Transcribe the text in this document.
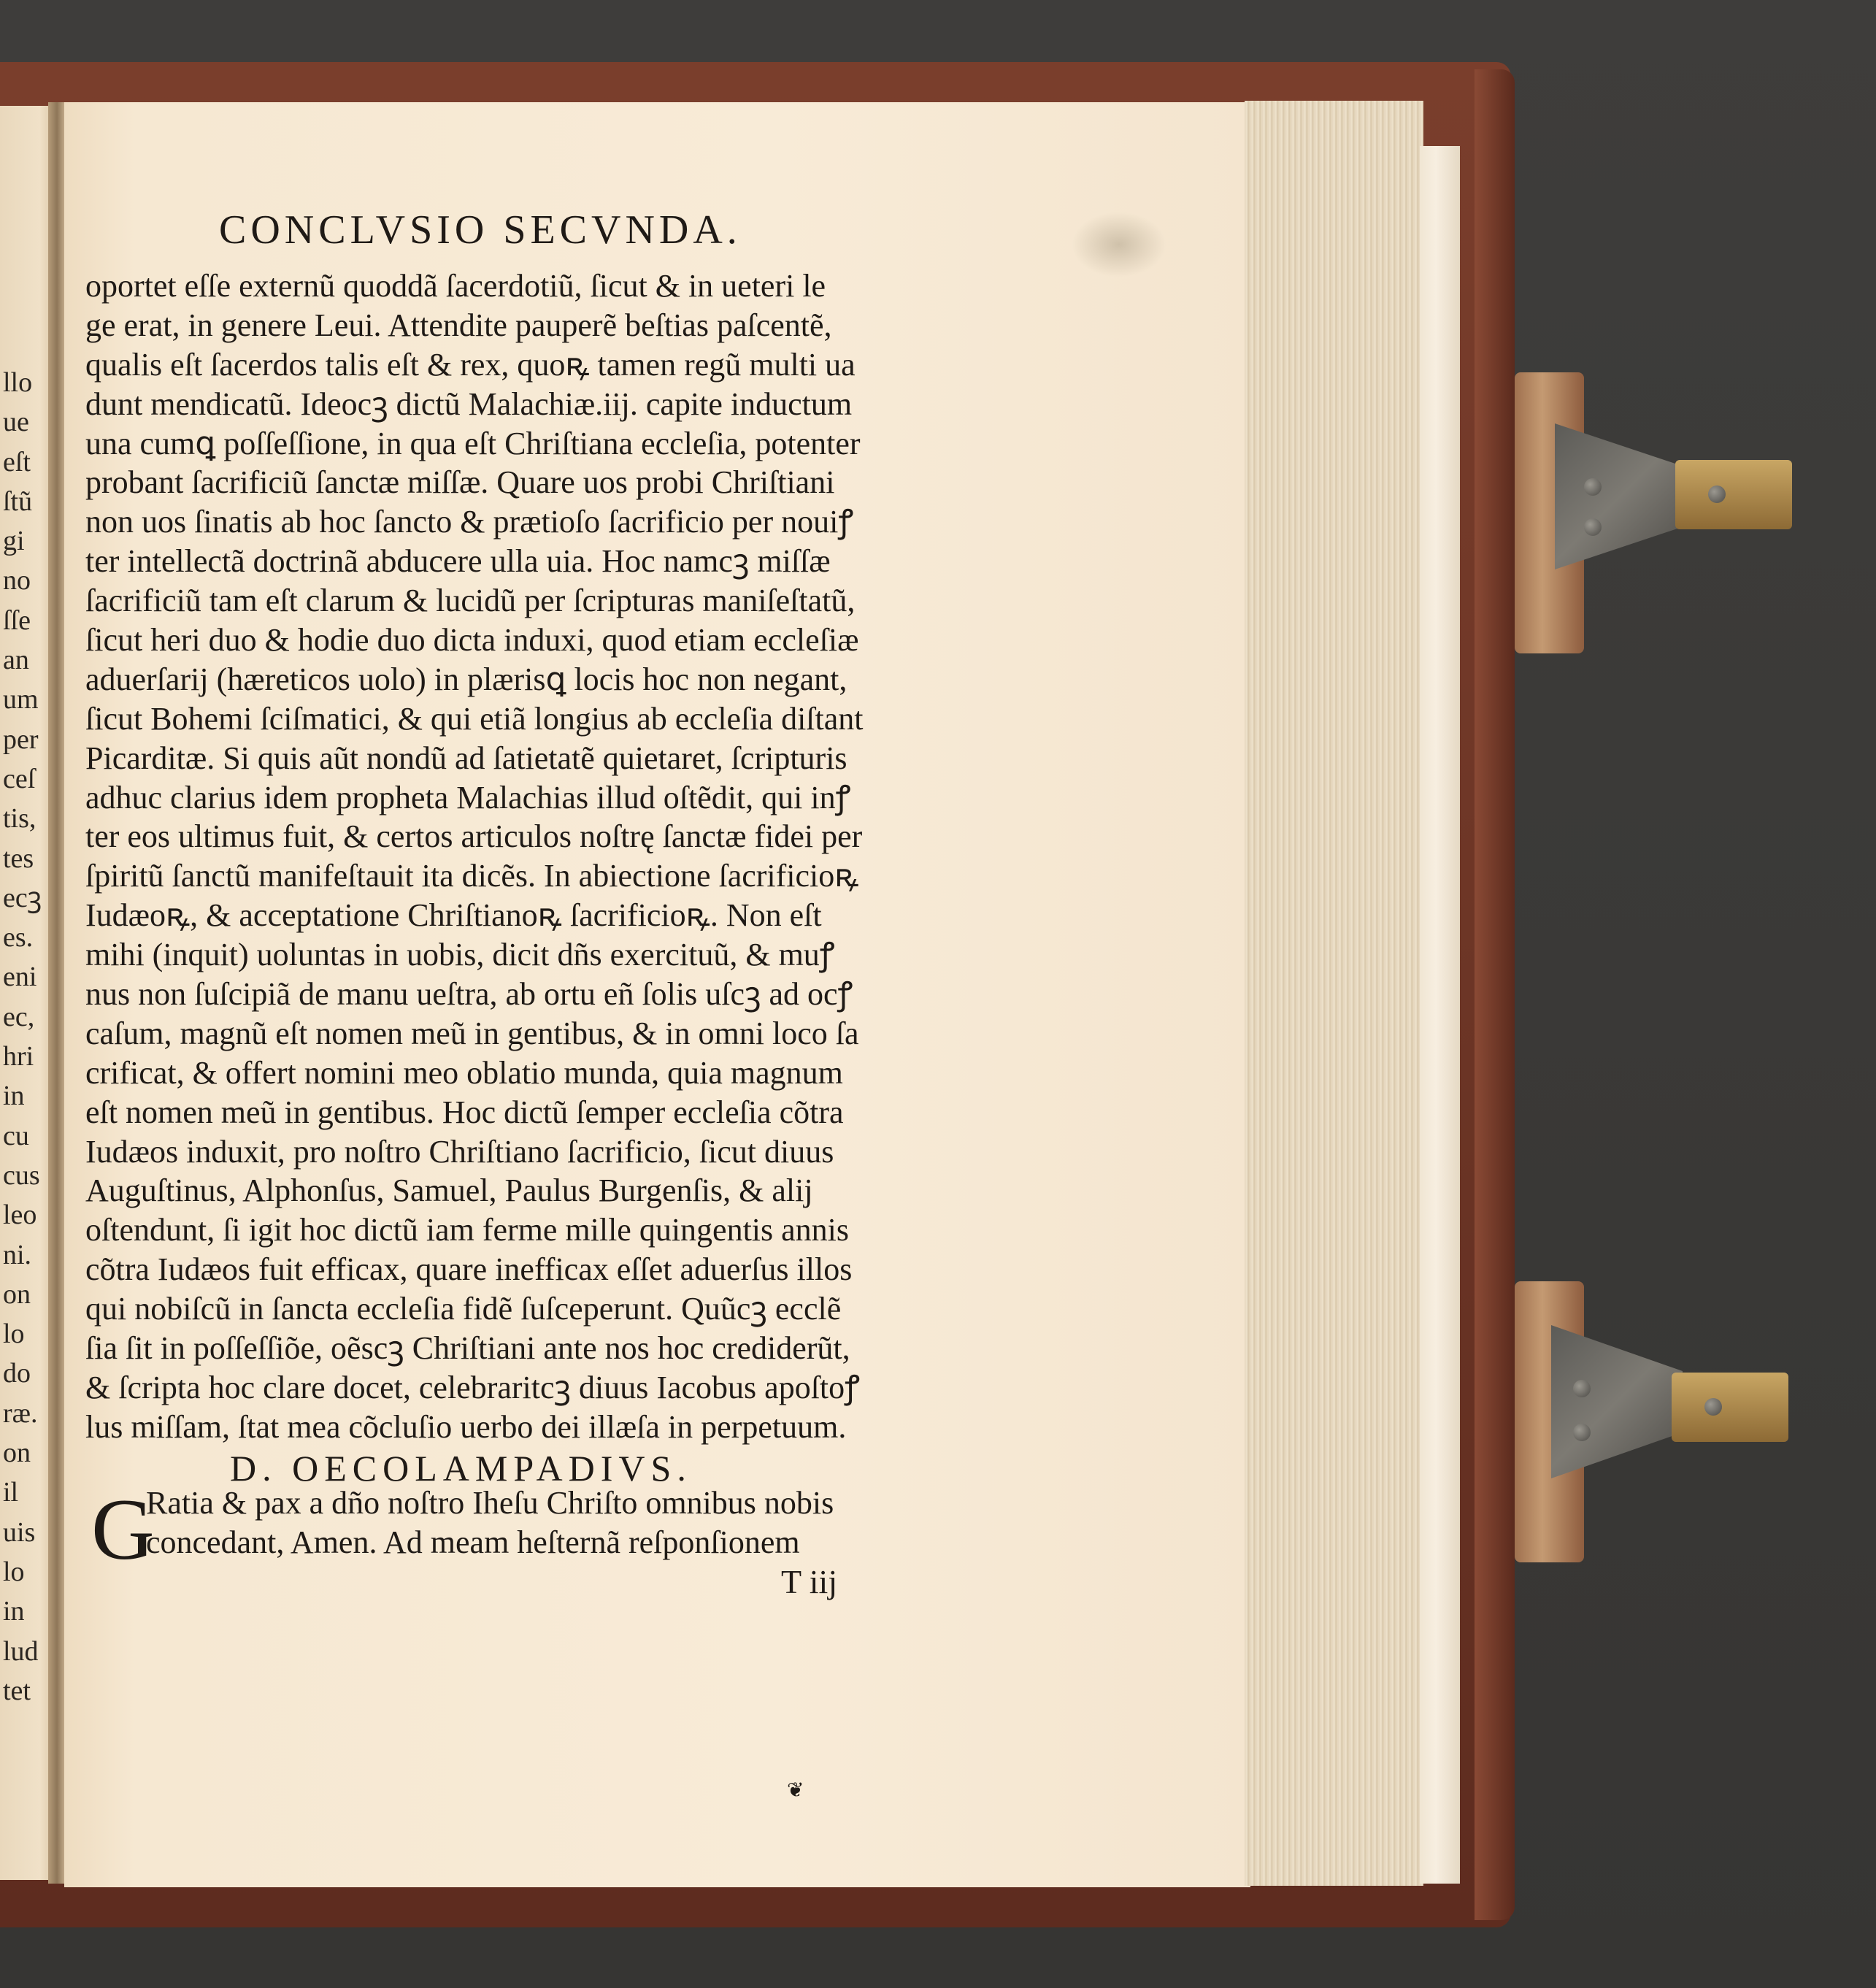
llo
ue
eſt
ſtũ
gi
no
ſſe
an
um
per
ceſ
tis,
tes
ecꝫ
es.
eni
ec,
hri
in
cu
cus
leo
ni.
on
lo
do
ræ.
on
il
uis
lo
in
lud
tet
CONCLVSIO SECVNDA.
oportet eſſe externũ quoddã ſacerdotiũ, ſicut & in ueteri le
ge erat, in genere Leui. Attendite pauperẽ beſtias paſcentẽ,
qualis eſt ſacerdos talis eſt & rex, quoꝶ tamen regũ multi ua
dunt mendicatũ. Ideocꝫ dictũ Malachiæ.iij. capite inductum
una cumꝗ poſſeſſione, in qua eſt Chriſtiana eccleſia, potenter
probant ſacrificiũ ſanctæ miſſæ. Quare uos probi Chriſtiani
non uos ſinatis ab hoc ſancto & prætioſo ſacrificio per nouiꝭ
ter intellectã doctrinã abducere ulla uia. Hoc namcꝫ miſſæ
ſacrificiũ tam eſt clarum & lucidũ per ſcripturas maniſeſtatũ,
ſicut heri duo & hodie duo dicta induxi, quod etiam eccleſiæ
aduerſarij (hæreticos uolo) in plærisꝗ locis hoc non negant,
ſicut Bohemi ſciſmatici, & qui etiã longius ab eccleſia diſtant
Picarditæ. Si quis aũt nondũ ad ſatietatẽ quietaret, ſcripturis
adhuc clarius idem propheta Malachias illud oſtẽdit, qui inꝭ
ter eos ultimus fuit, & certos articulos noſtrę ſanctæ fidei per
ſpiritũ ſanctũ manifeſtauit ita dicẽs. In abiectione ſacrificioꝶ
Iudæoꝶ, & acceptatione Chriſtianoꝶ ſacrificioꝶ. Non eſt
mihi (inquit) uoluntas in uobis, dicit dñs exercituũ, & muꝭ
nus non ſuſcipiã de manu ueſtra, ab ortu eñ ſolis uſcꝫ ad ocꝭ
caſum, magnũ eſt nomen meũ in gentibus, & in omni loco ſa
crificat, & offert nomini meo oblatio munda, quia magnum
eſt nomen meũ in gentibus. Hoc dictũ ſemper eccleſia cõtra
Iudæos induxit, pro noſtro Chriſtiano ſacrificio, ſicut diuus
Auguſtinus, Alphonſus, Samuel, Paulus Burgenſis, & alij
oſtendunt, ſi igit hoc dictũ iam ferme mille quingentis annis
cõtra Iudæos fuit efficax, quare inefficax eſſet aduerſus illos
qui nobiſcũ in ſancta eccleſia fidẽ ſuſceperunt. Quũcꝫ ecclẽ
ſia ſit in poſſeſſiõe, oẽscꝫ Chriſtiani ante nos hoc crediderũt,
& ſcripta hoc clare docet, celebraritcꝫ diuus Iacobus apoſtoꝭ
lus miſſam, ſtat mea cõcluſio uerbo dei illæſa in perpetuum.
D. OECOLAMPADIVS.
G
Ratia & pax a dño noſtro Iheſu Chriſto omnibus nobis
concedant, Amen. Ad meam heſternã reſponſionem
T iij
❦
